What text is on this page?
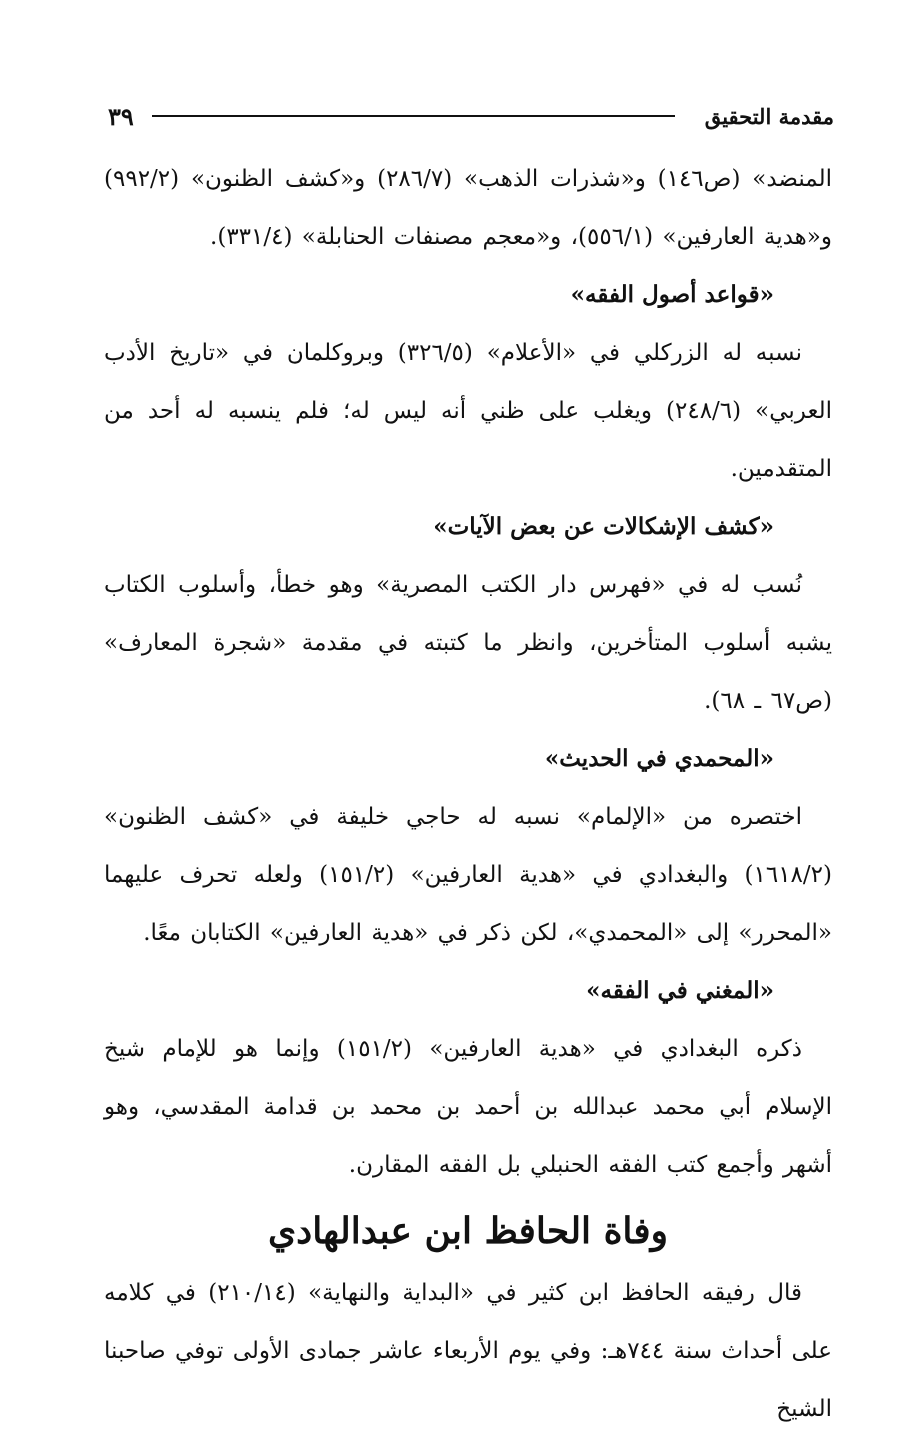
مقدمة التحقيق
٣٩

المنضد» (ص١٤٦) و«شذرات الذهب» (٢٨٦/٧) و«كشف الظنون» (٩٩٢/٢) و«هدية العارفين» (٥٥٦/١)، و«معجم مصنفات الحنابلة» (٣٣١/٤).

«قواعد أصول الفقه»

نسبه له الزركلي في «الأعلام» (٣٢٦/٥) وبروكلمان في «تاريخ الأدب العربي» (٢٤٨/٦) ويغلب على ظني أنه ليس له؛ فلم ينسبه له أحد من المتقدمين.

«كشف الإشكالات عن بعض الآيات»

نُسب له في «فهرس دار الكتب المصرية» وهو خطأ، وأسلوب الكتاب يشبه أسلوب المتأخرين، وانظر ما كتبته في مقدمة «شجرة المعارف» (ص٦٧ ـ ٦٨).

«المحمدي في الحديث»

اختصره من «الإلمام» نسبه له حاجي خليفة في «كشف الظنون» (١٦١٨/٢) والبغدادي في «هدية العارفين» (١٥١/٢) ولعله تحرف عليهما «المحرر» إلى «المحمدي»، لكن ذكر في «هدية العارفين» الكتابان معًا.

«المغني في الفقه»

ذكره البغدادي في «هدية العارفين» (١٥١/٢) وإنما هو للإمام شيخ الإسلام أبي محمد عبدالله بن أحمد بن محمد بن قدامة المقدسي، وهو أشهر وأجمع كتب الفقه الحنبلي بل الفقه المقارن.

وفاة الحافظ ابن عبدالهادي

قال رفيقه الحافظ ابن كثير في «البداية والنهاية» (٢١٠/١٤) في كلامه على أحداث سنة ٧٤٤هـ: وفي يوم الأربعاء عاشر جمادى الأولى توفي صاحبنا الشيخ
